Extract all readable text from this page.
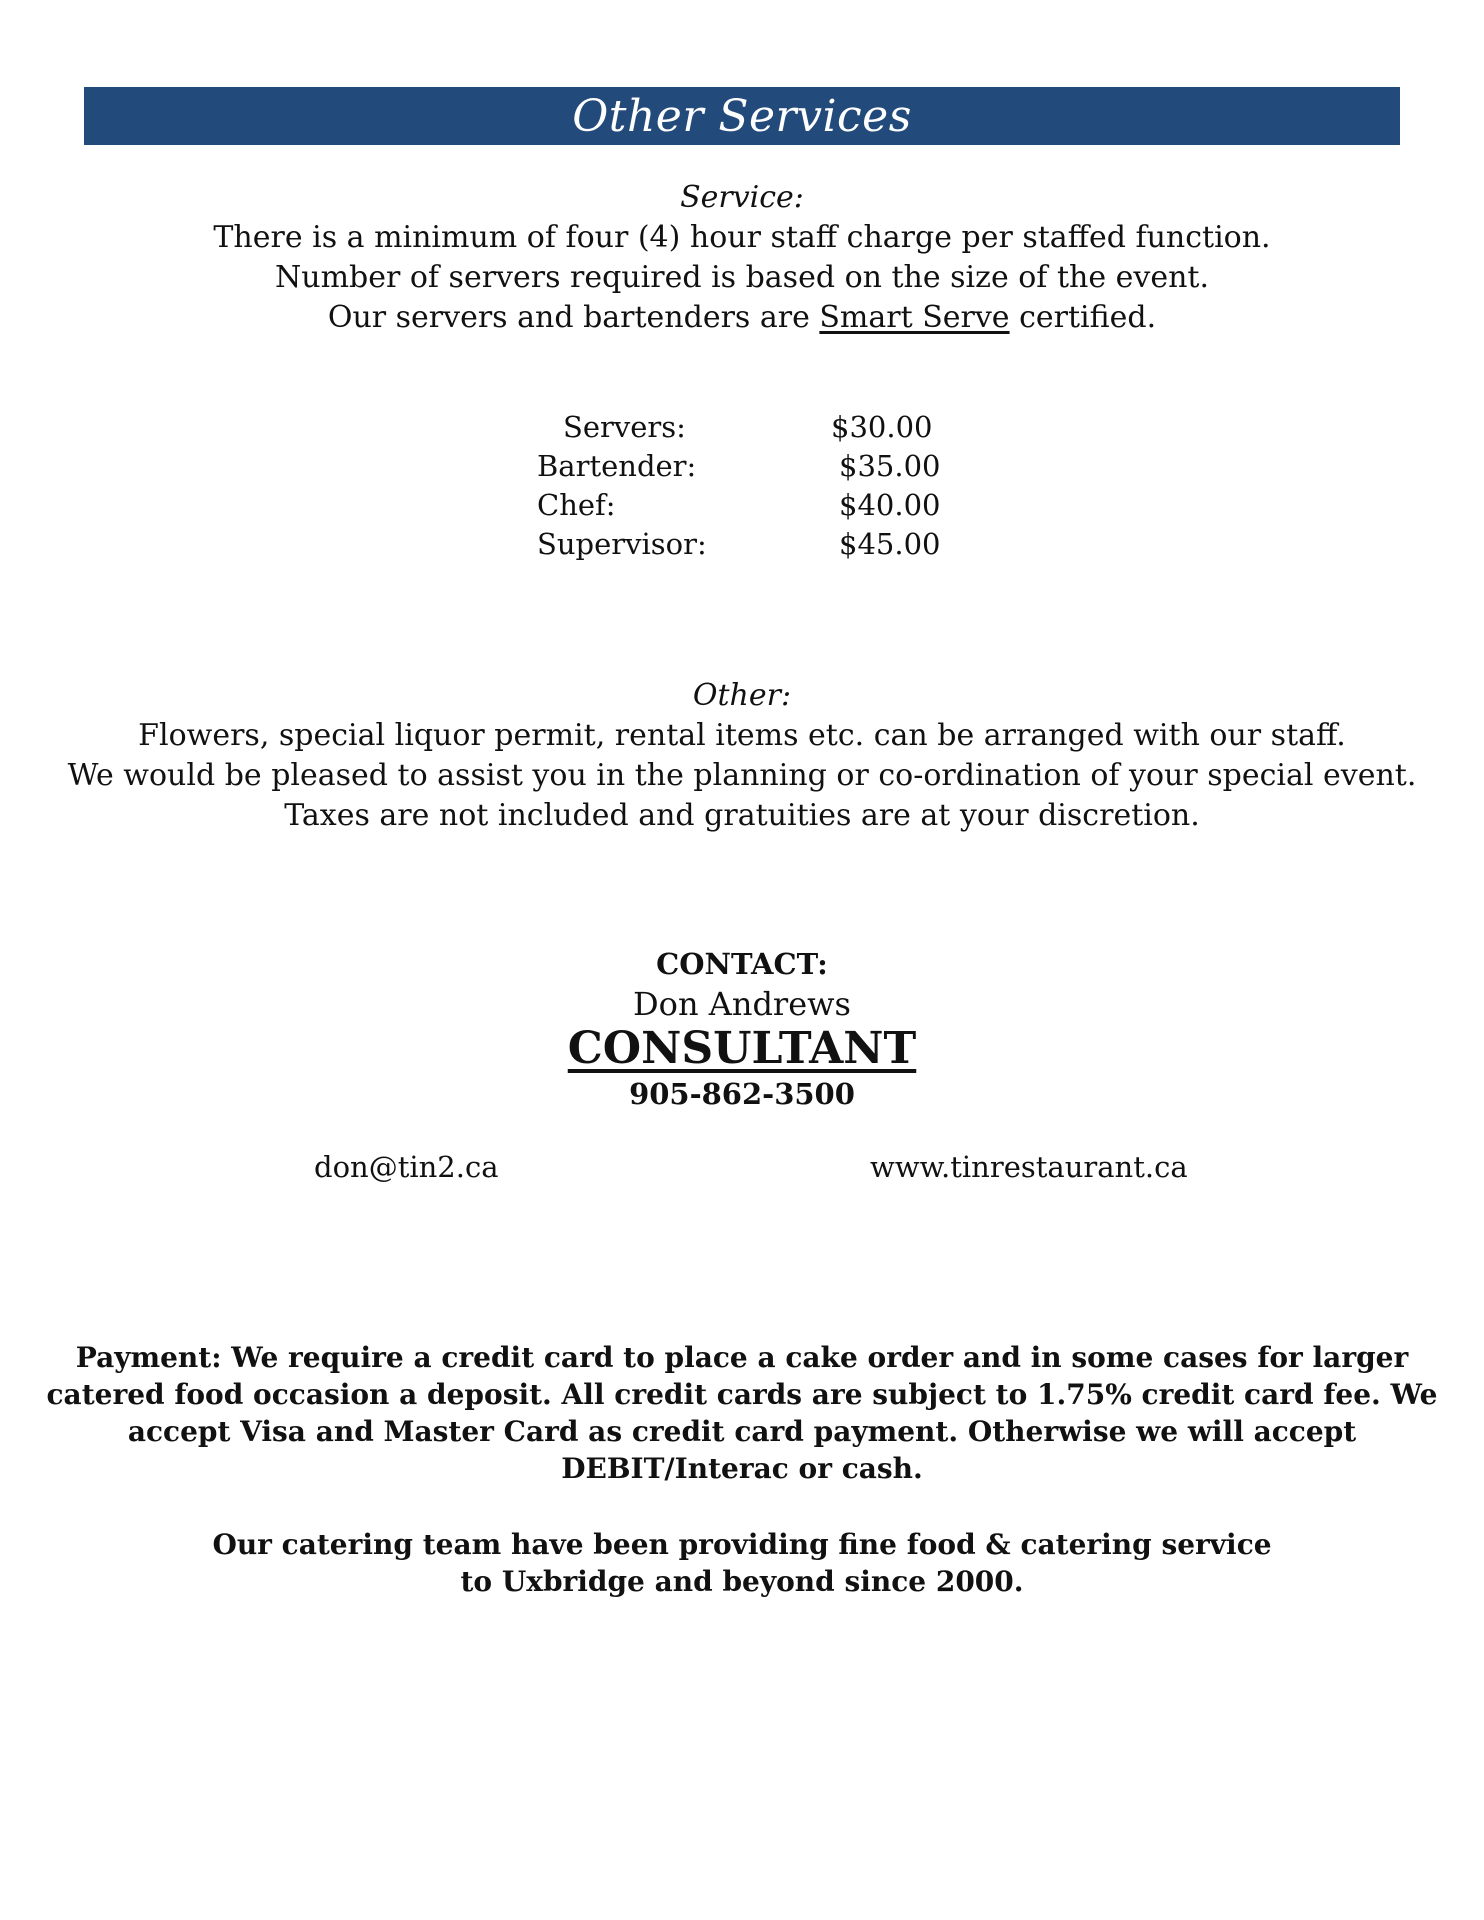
Other Services
Service:
There is a minimum of four (4) hour staff charge per staffed function.
Number of servers required is based on the size of the event.
Our servers and bartenders are Smart Serve certified.
Servers:	$30.00
Bartender:	$35.00
Chef:	$40.00
Supervisor:	$45.00
Other:
Flowers, special liquor permit, rental items etc. can be arranged with our staff.
We would be pleased to assist you in the planning or co-ordination of your special event.
Taxes are not included and gratuities are at your discretion.
CONTACT:
Don Andrews
CONSULTANT
905-862-3500
don@tin2.ca	www.tinrestaurant.ca
Payment: We require a credit card to place a cake order and in some cases for larger
catered food occasion a deposit. All credit cards are subject to 1.75% credit card fee. We
accept Visa and Master Card as credit card payment. Otherwise we will accept
DEBIT/Interac or cash.
Our catering team have been providing fine food & catering service
to Uxbridge and beyond since 2000.
